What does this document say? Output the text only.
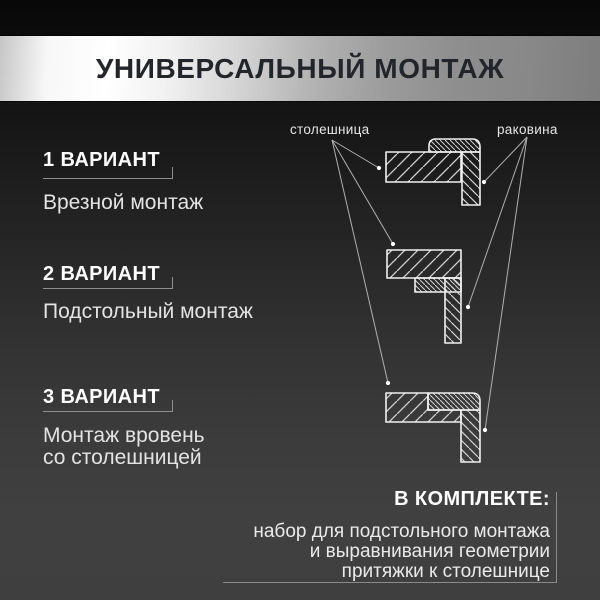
УНИВЕРСАЛЬНЫЙ МОНТАЖ
1 ВАРИАНТ
Врезной монтаж
2 ВАРИАНТ
Подстольный монтаж
3 ВАРИАНТ
Монтаж вровень
со столешницей
столешница	раковина
В КОМПЛЕКТЕ:
набор для подстольного монтажа
и выравнивания геометрии
притяжки к столешнице
